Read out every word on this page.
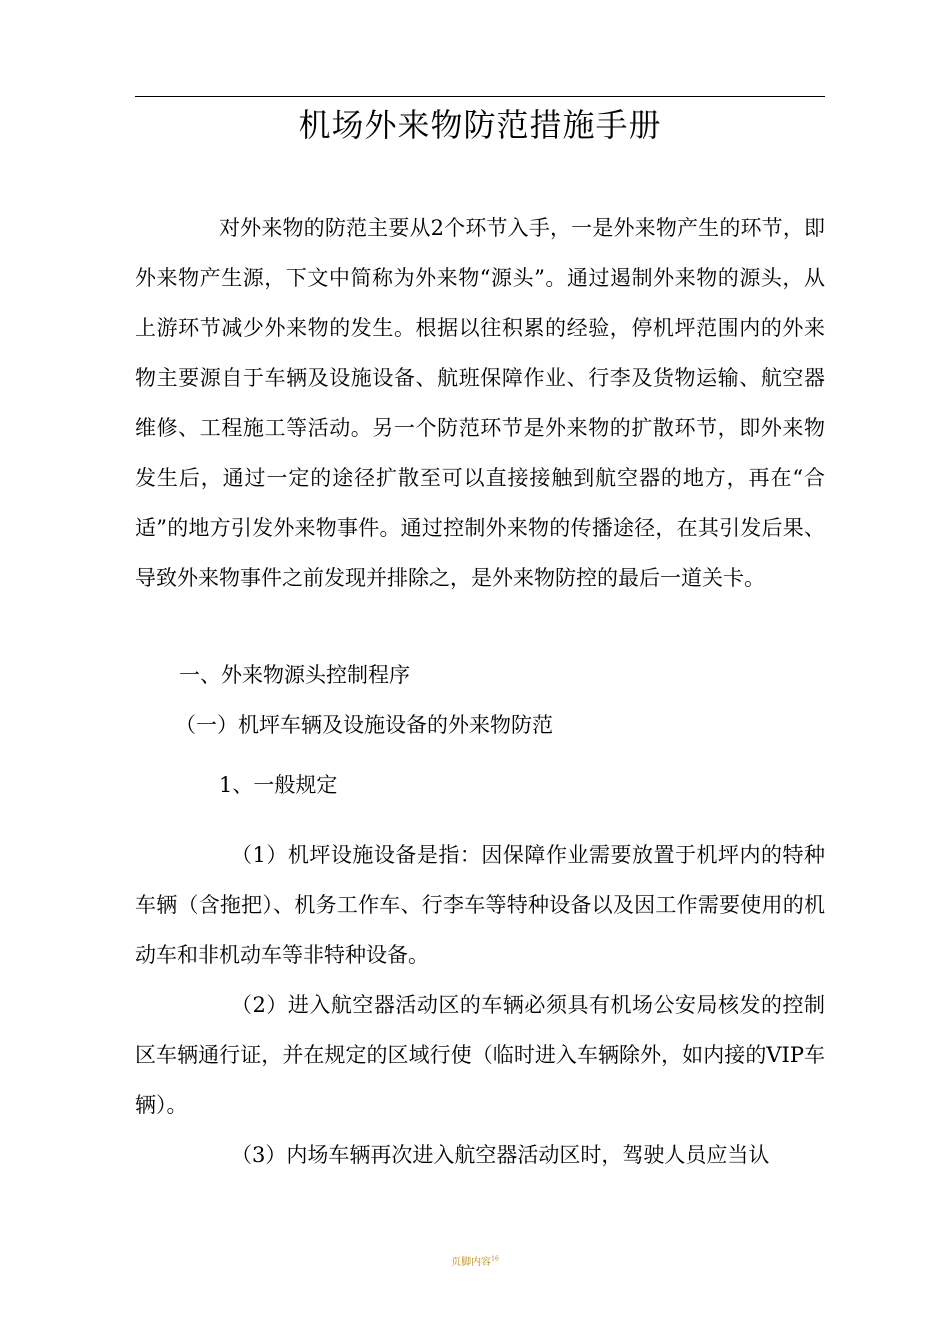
机场外来物防范措施手册

对外来物的防范主要从2个环节入手，一是外来物产生的环节，即外来物产生源，下文中简称为外来物“源头”。通过遏制外来物的源头，从上游环节减少外来物的发生。根据以往积累的经验，停机坪范围内的外来物主要源自于车辆及设施设备、航班保障作业、行李及货物运输、航空器维修、工程施工等活动。另一个防范环节是外来物的扩散环节，即外来物发生后，通过一定的途径扩散至可以直接接触到航空器的地方，再在“合适”的地方引发外来物事件。通过控制外来物的传播途径，在其引发后果、导致外来物事件之前发现并排除之，是外来物防控的最后一道关卡。

一、外来物源头控制程序

（一）机坪车辆及设施设备的外来物防范

1、一般规定

（1）机坪设施设备是指：因保障作业需要放置于机坪内的特种车辆（含拖把）、机务工作车、行李车等特种设备以及因工作需要使用的机动车和非机动车等非特种设备。

（2）进入航空器活动区的车辆必须具有机场公安局核发的控制区车辆通行证，并在规定的区域行使（临时进入车辆除外，如内接的VIP车辆）。

（3）内场车辆再次进入航空器活动区时，驾驶人员应当认

页脚内容$^{16}$
